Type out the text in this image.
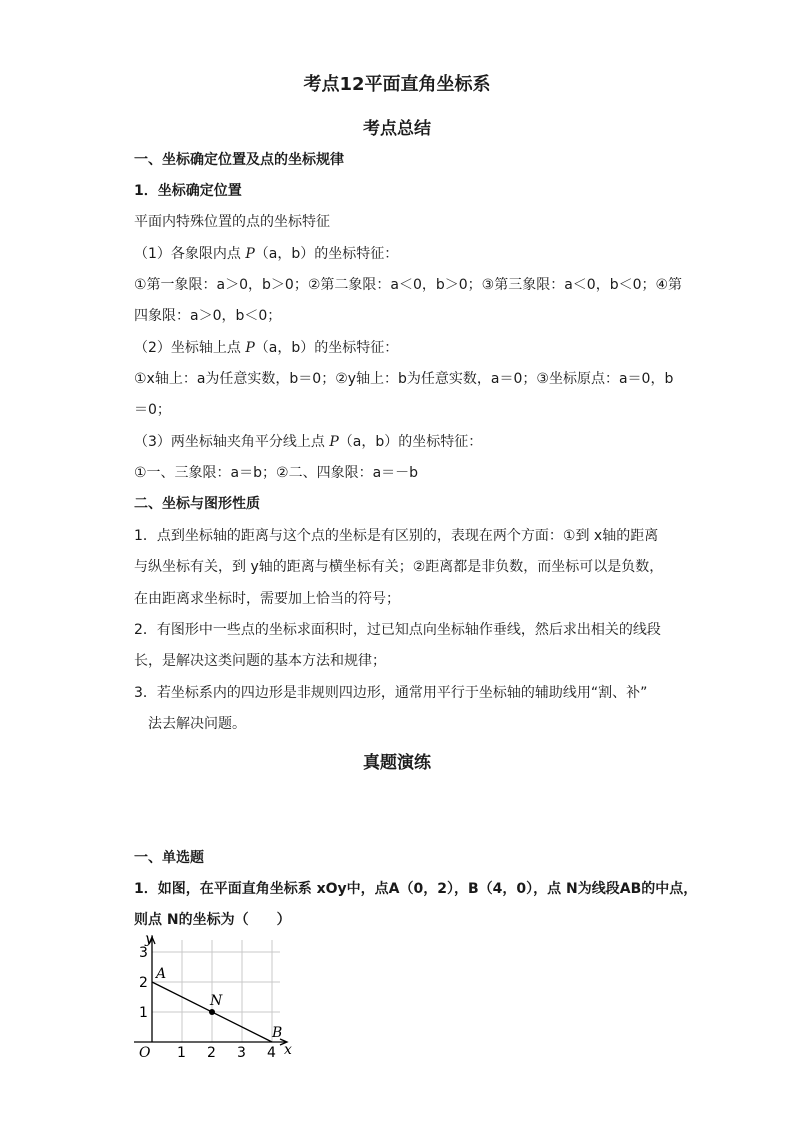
考点12平面直角坐标系
考点总结
一、坐标确定位置及点的坐标规律
1．坐标确定位置
平面内特殊位置的点的坐标特征
（1）各象限内点 P（a，b）的坐标特征：
①第一象限：a＞0，b＞0；②第二象限：a＜0，b＞0；③第三象限：a＜0，b＜0；④第
四象限：a＞0，b＜0；
（2）坐标轴上点 P（a，b）的坐标特征：
①x轴上：a为任意实数，b＝0；②y轴上：b为任意实数，a＝0；③坐标原点：a＝0，b
＝0；
（3）两坐标轴夹角平分线上点 P（a，b）的坐标特征：
①一、三象限：a＝b；②二、四象限：a＝－b
二、坐标与图形性质
1．点到坐标轴的距离与这个点的坐标是有区别的，表现在两个方面：①到 x轴的距离
与纵坐标有关，到 y轴的距离与横坐标有关；②距离都是非负数，而坐标可以是负数，
在由距离求坐标时，需要加上恰当的符号；
2．有图形中一些点的坐标求面积时，过已知点向坐标轴作垂线，然后求出相关的线段
长，是解决这类问题的基本方法和规律；
3．若坐标系内的四边形是非规则四边形，通常用平行于坐标轴的辅助线用“割、补”
法去解决问题。
真题演练
一、单选题
1．如图，在平面直角坐标系 xOy中，点A（0，2），B（4，0），点 N为线段AB的中点，
则点 N的坐标为（　　）
y
x
O 1 2 3 4
1
2
3
A
N
B
